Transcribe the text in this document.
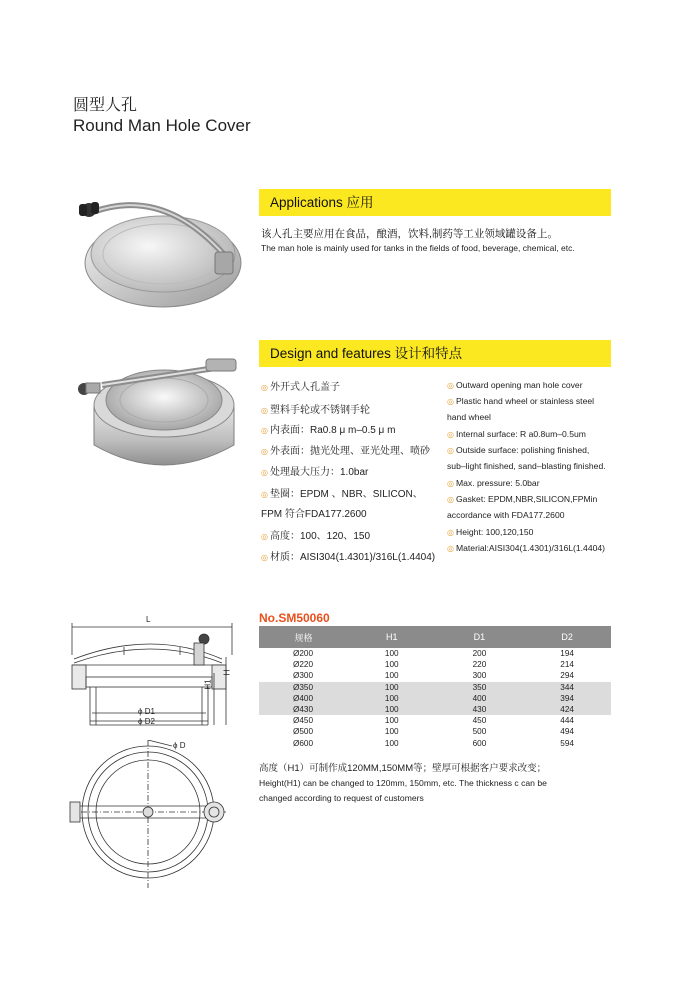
圆型人孔
Round Man Hole Cover
Applications 应用
该人孔主要应用在食品，酿酒，饮料,制药等工业领域罐设备上。
The man hole is mainly used for tanks in the fields of food, beverage, chemical, etc.
Design and features 设计和特点
◎ 外开式人孔盖子
◎ 塑料手轮或不锈钢手轮
◎ 内表面：Ra0.8 μ m–0.5 μ m
◎ 外表面：抛光处理、亚光处理、喷砂
◎ 处理最大压力：1.0bar
◎ 垫圈：EPDM 、NBR、SILICON、
FPM 符合FDA177.2600
◎ 高度：100、120、150
◎ 材质：AISI304(1.4301)/316L(1.4404)
◎ Outward opening man hole cover
◎ Plastic hand wheel or stainless steel
hand wheel
◎ Internal surface: R a0.8um–0.5um
◎ Outside surface: polishing finished,
sub–light finished, sand–blasting finished.
◎ Max. pressure: 5.0bar
◎ Gasket: EPDM,NBR,SILICON,FPMin
accordance with FDA177.2600
◎ Height: 100,120,150
◎ Material:AISI304(1.4301)/316L(1.4404)
L
H1
H
ϕ D1
ϕ D2
ϕ D
No.SM50060
规格	H1	D1	D2
Ø200	100	200	194
Ø220	100	220	214
Ø300	100	300	294
Ø350	100	350	344
Ø400	100	400	394
Ø430	100	430	424
Ø450	100	450	444
Ø500	100	500	494
Ø600	100	600	594
高度（H1）可制作成120MM,150MM等；壁厚可根据客户要求改变；
Height(H1) can be changed to 120mm, 150mm, etc. The thickness c can be
changed according to request of customers
